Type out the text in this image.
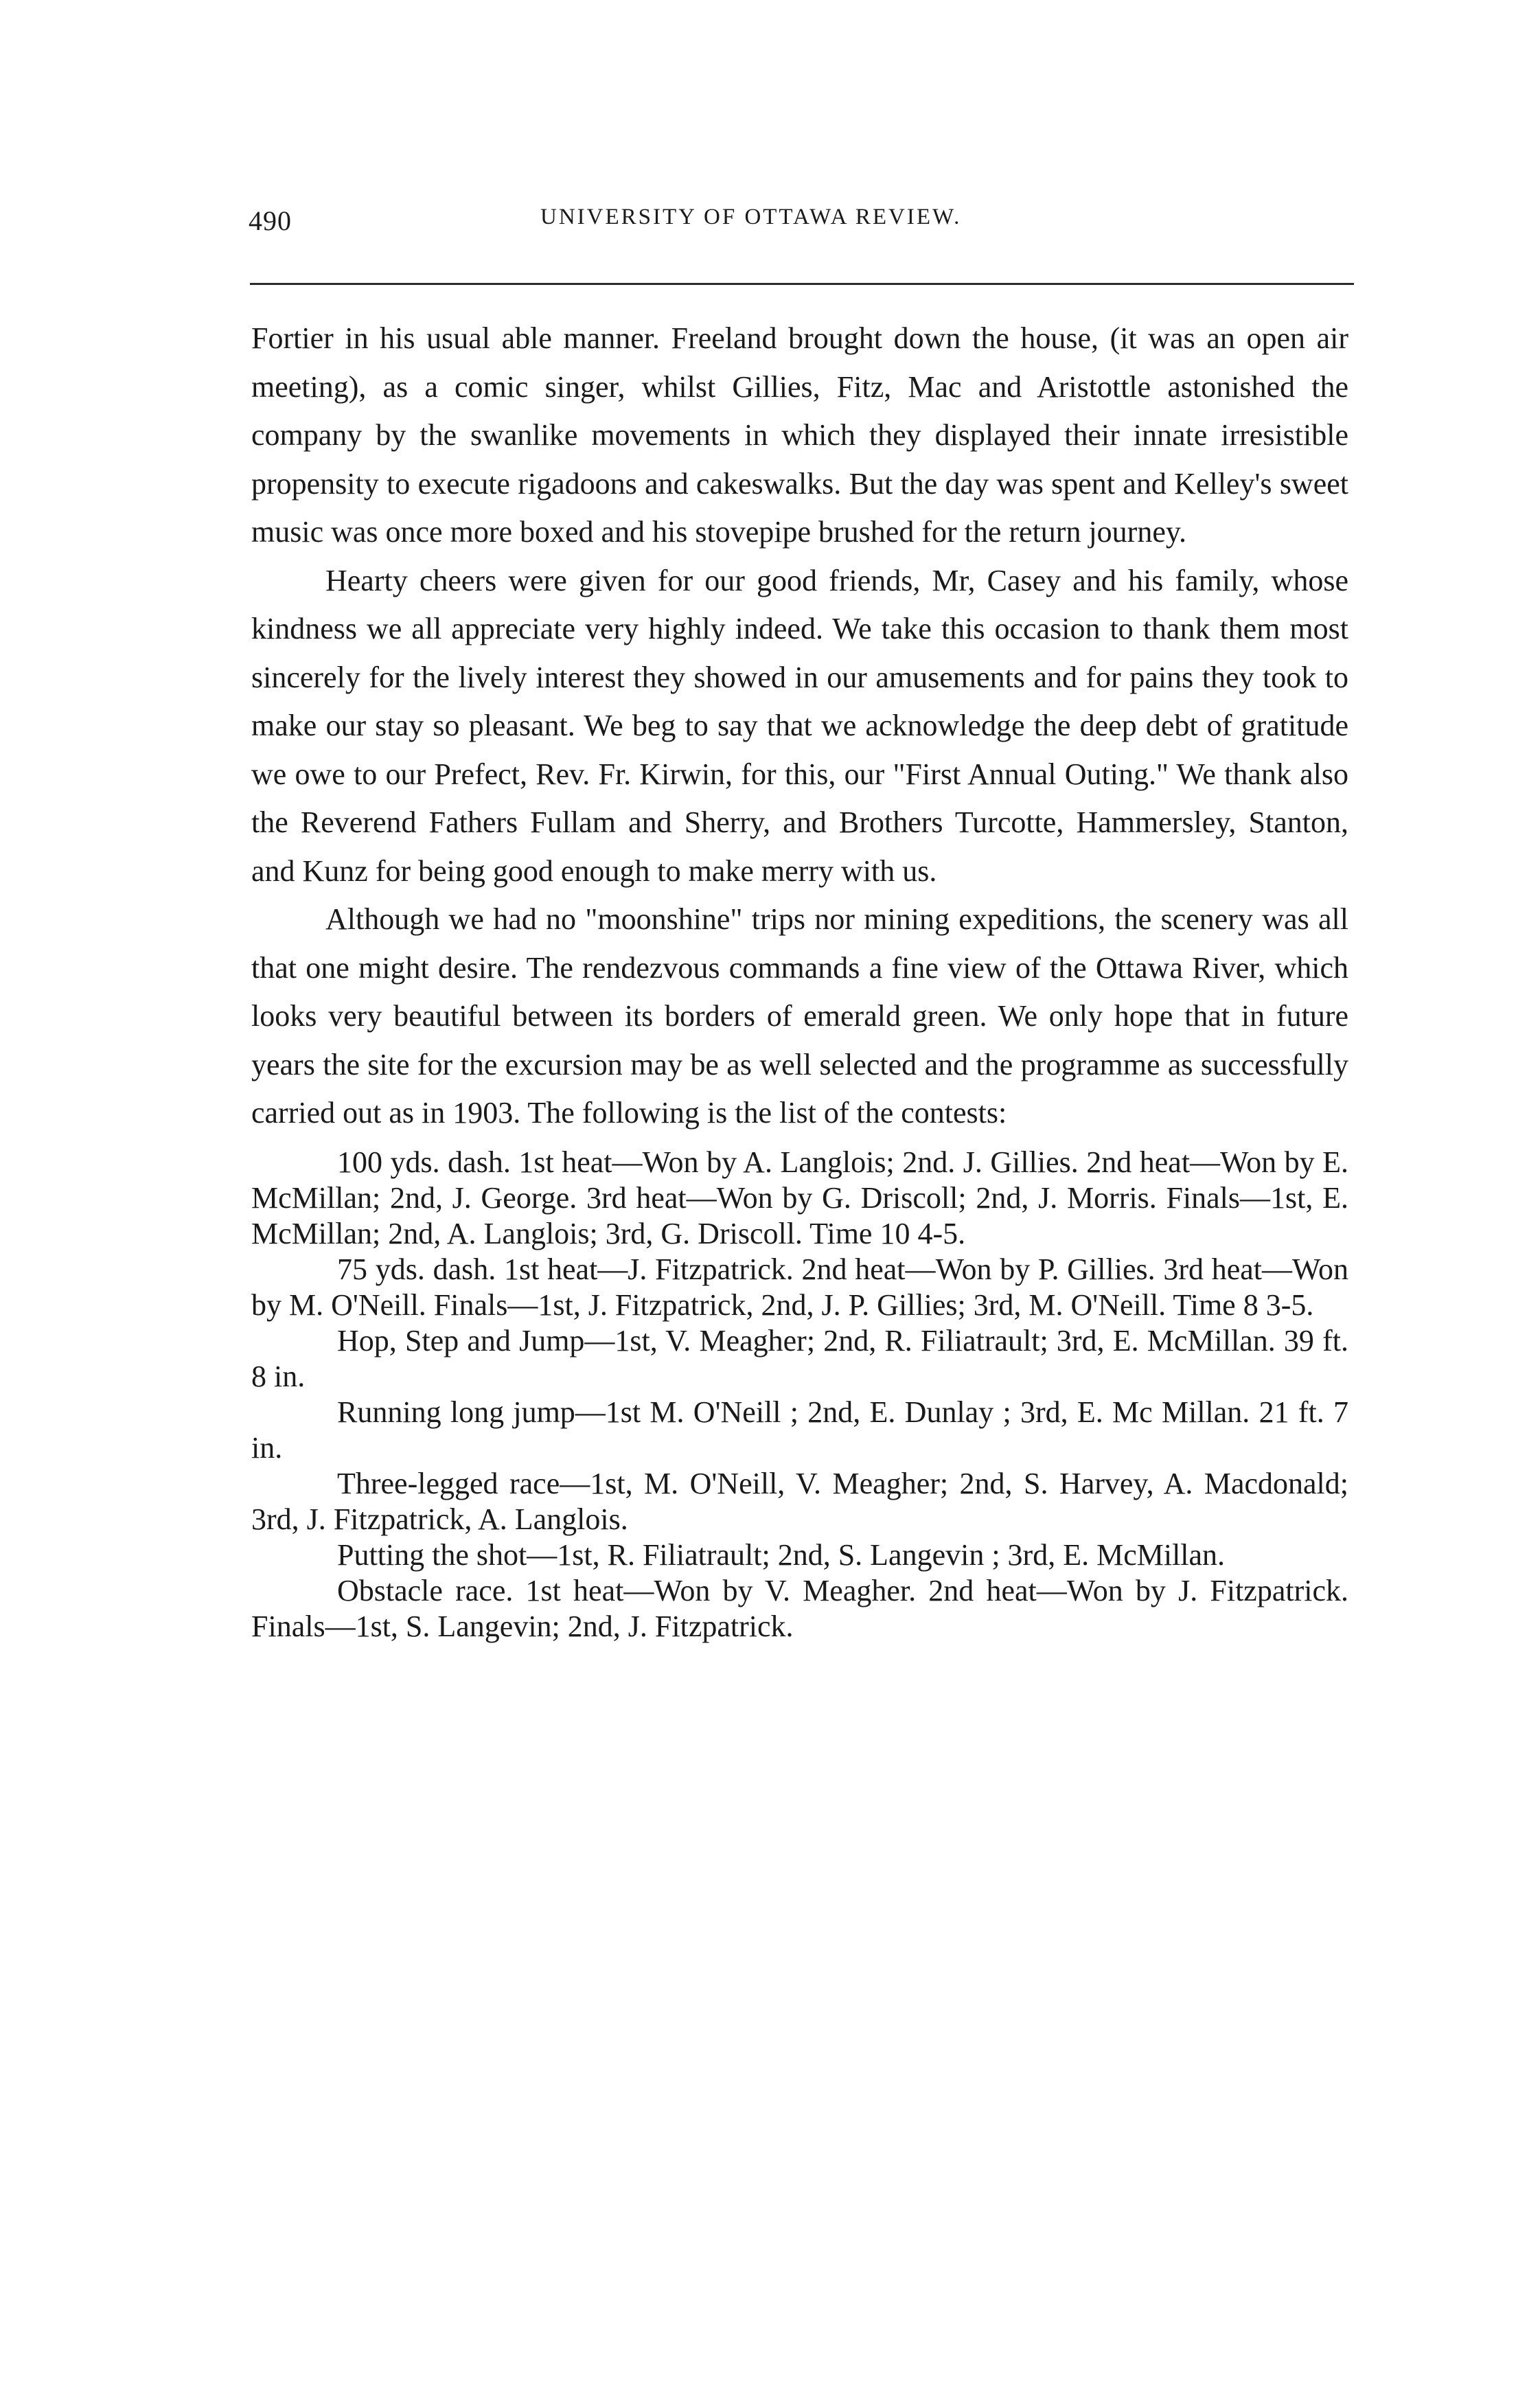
490	UNIVERSITY OF OTTAWA REVIEW.

Fortier in his usual able manner. Freeland brought down the house, (it was an open air meeting), as a comic singer, whilst Gillies, Fitz, Mac and Aristottle astonished the company by the swanlike movements in which they displayed their innate irresistible propensity to execute rigadoons and cakeswalks. But the day was spent and Kelley's sweet music was once more boxed and his stovepipe brushed for the return journey.

Hearty cheers were given for our good friends, Mr, Casey and his family, whose kindness we all appreciate very highly indeed. We take this occasion to thank them most sincerely for the lively interest they showed in our amusements and for pains they took to make our stay so pleasant. We beg to say that we acknowledge the deep debt of gratitude we owe to our Prefect, Rev. Fr. Kirwin, for this, our "First Annual Outing." We thank also the Reverend Fathers Fullam and Sherry, and Brothers Turcotte, Hammersley, Stanton, and Kunz for being good enough to make merry with us.

Although we had no "moonshine" trips nor mining expeditions, the scenery was all that one might desire. The rendezvous commands a fine view of the Ottawa River, which looks very beautiful between its borders of emerald green. We only hope that in future years the site for the excursion may be as well selected and the programme as successfully carried out as in 1903. The following is the list of the contests:

100 yds. dash. 1st heat—Won by A. Langlois; 2nd. J. Gillies. 2nd heat—Won by E. McMillan; 2nd, J. George. 3rd heat—Won by G. Driscoll; 2nd, J. Morris. Finals—1st, E. McMillan; 2nd, A. Langlois; 3rd, G. Driscoll. Time 10 4-5.

75 yds. dash. 1st heat—J. Fitzpatrick. 2nd heat—Won by P. Gillies. 3rd heat—Won by M. O'Neill. Finals—1st, J. Fitzpatrick, 2nd, J. P. Gillies; 3rd, M. O'Neill. Time 8 3-5.

Hop, Step and Jump—1st, V. Meagher; 2nd, R. Filiatrault; 3rd, E. McMillan. 39 ft. 8 in.

Running long jump—1st M. O'Neill ; 2nd, E. Dunlay ; 3rd, E. Mc Millan. 21 ft. 7 in.

Three-legged race—1st, M. O'Neill, V. Meagher; 2nd, S. Harvey, A. Macdonald; 3rd, J. Fitzpatrick, A. Langlois.

Putting the shot—1st, R. Filiatrault; 2nd, S. Langevin ; 3rd, E. McMillan.

Obstacle race. 1st heat—Won by V. Meagher. 2nd heat—Won by J. Fitzpatrick. Finals—1st, S. Langevin; 2nd, J. Fitzpatrick.
